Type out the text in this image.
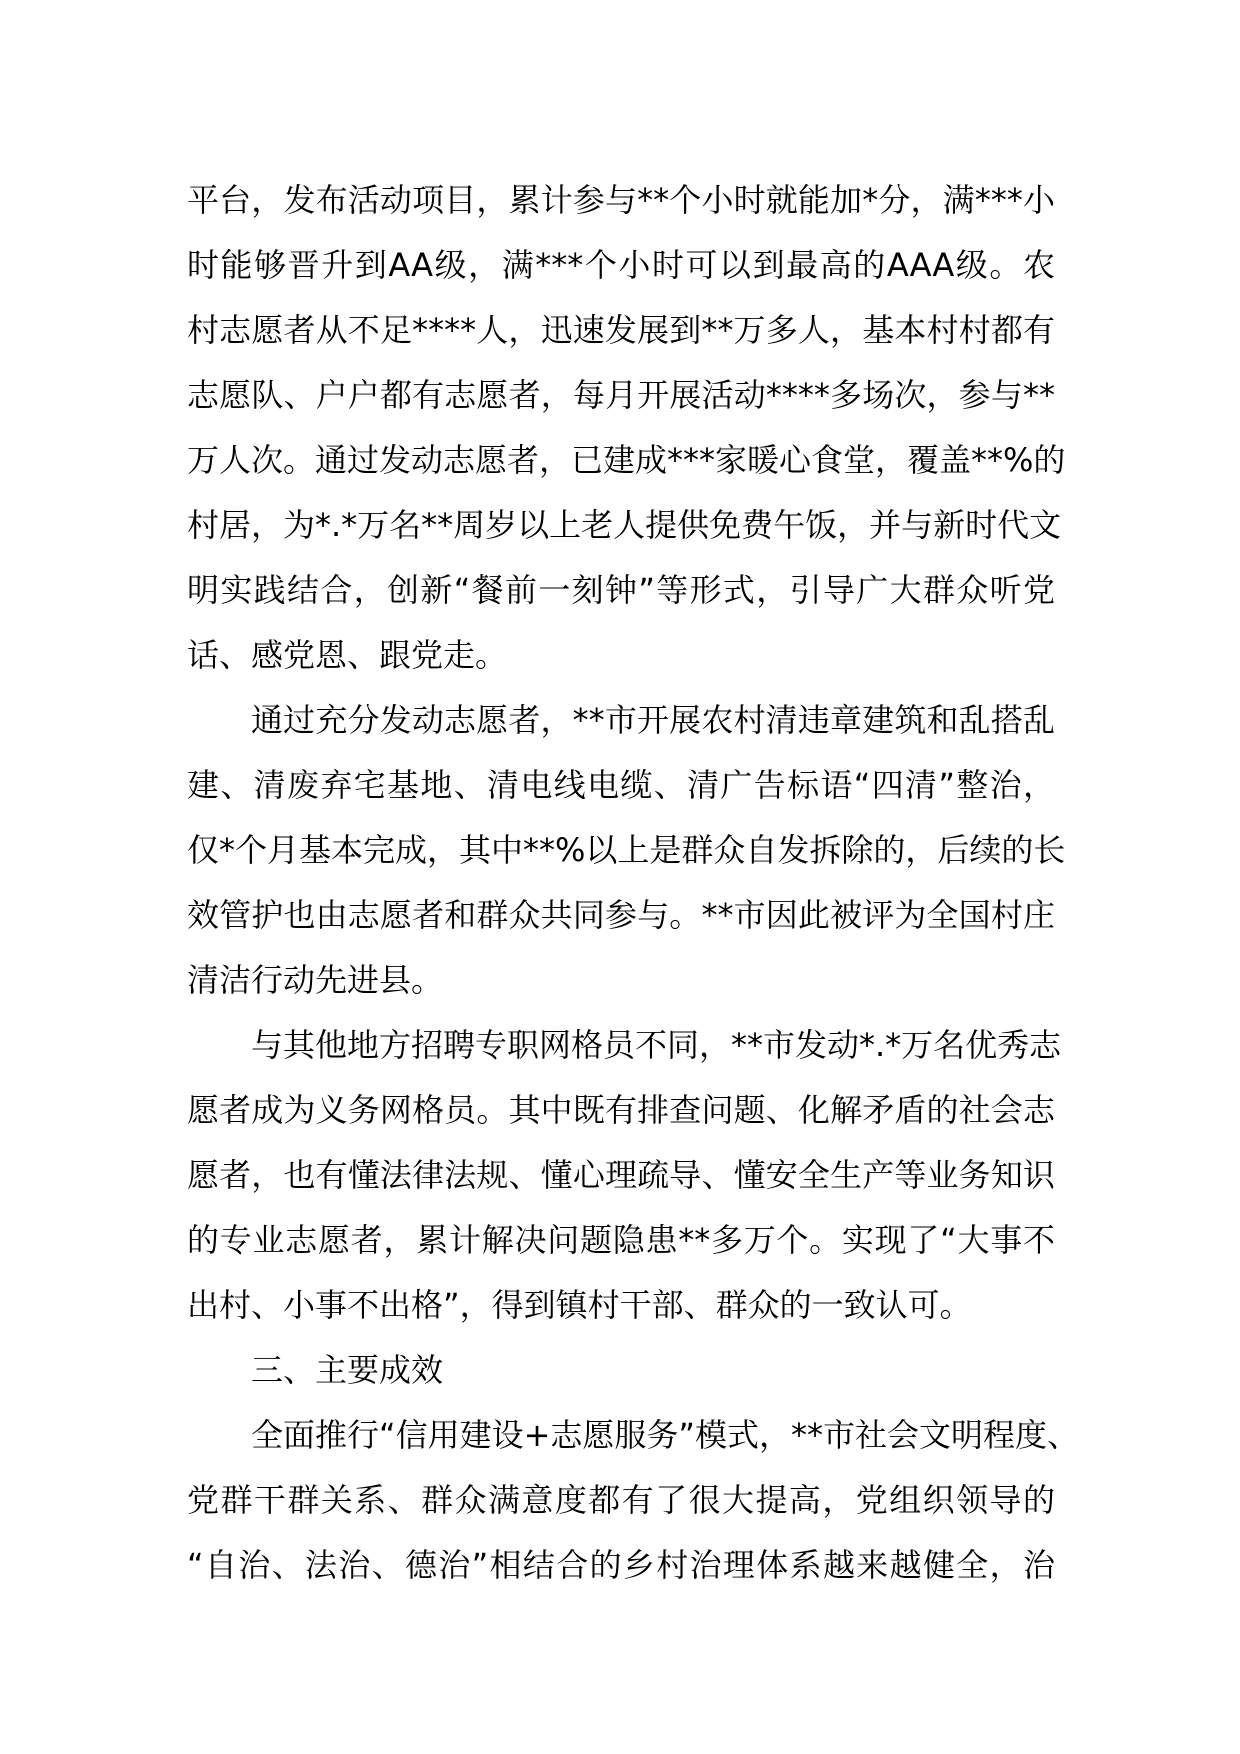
平台，发布活动项目，累计参与**个小时就能加*分，满***小
时能够晋升到AA级，满***个小时可以到最高的AAA级。农
村志愿者从不足****人，迅速发展到**万多人，基本村村都有
志愿队、户户都有志愿者，每月开展活动****多场次，参与**
万人次。通过发动志愿者，已建成***家暖心食堂，覆盖**%的
村居，为*.*万名**周岁以上老人提供免费午饭，并与新时代文
明实践结合，创新“餐前一刻钟”等形式，引导广大群众听党
话、感党恩、跟党走。
通过充分发动志愿者，**市开展农村清违章建筑和乱搭乱
建、清废弃宅基地、清电线电缆、清广告标语“四清”整治，
仅*个月基本完成，其中**%以上是群众自发拆除的，后续的长
效管护也由志愿者和群众共同参与。**市因此被评为全国村庄
清洁行动先进县。
与其他地方招聘专职网格员不同，**市发动*.*万名优秀志
愿者成为义务网格员。其中既有排查问题、化解矛盾的社会志
愿者，也有懂法律法规、懂心理疏导、懂安全生产等业务知识
的专业志愿者，累计解决问题隐患**多万个。实现了“大事不
出村、小事不出格”，得到镇村干部、群众的一致认可。
三、主要成效
全面推行“信用建设+志愿服务”模式，**市社会文明程度、
党群干群关系、群众满意度都有了很大提高，党组织领导的
“自治、法治、德治”相结合的乡村治理体系越来越健全，治
